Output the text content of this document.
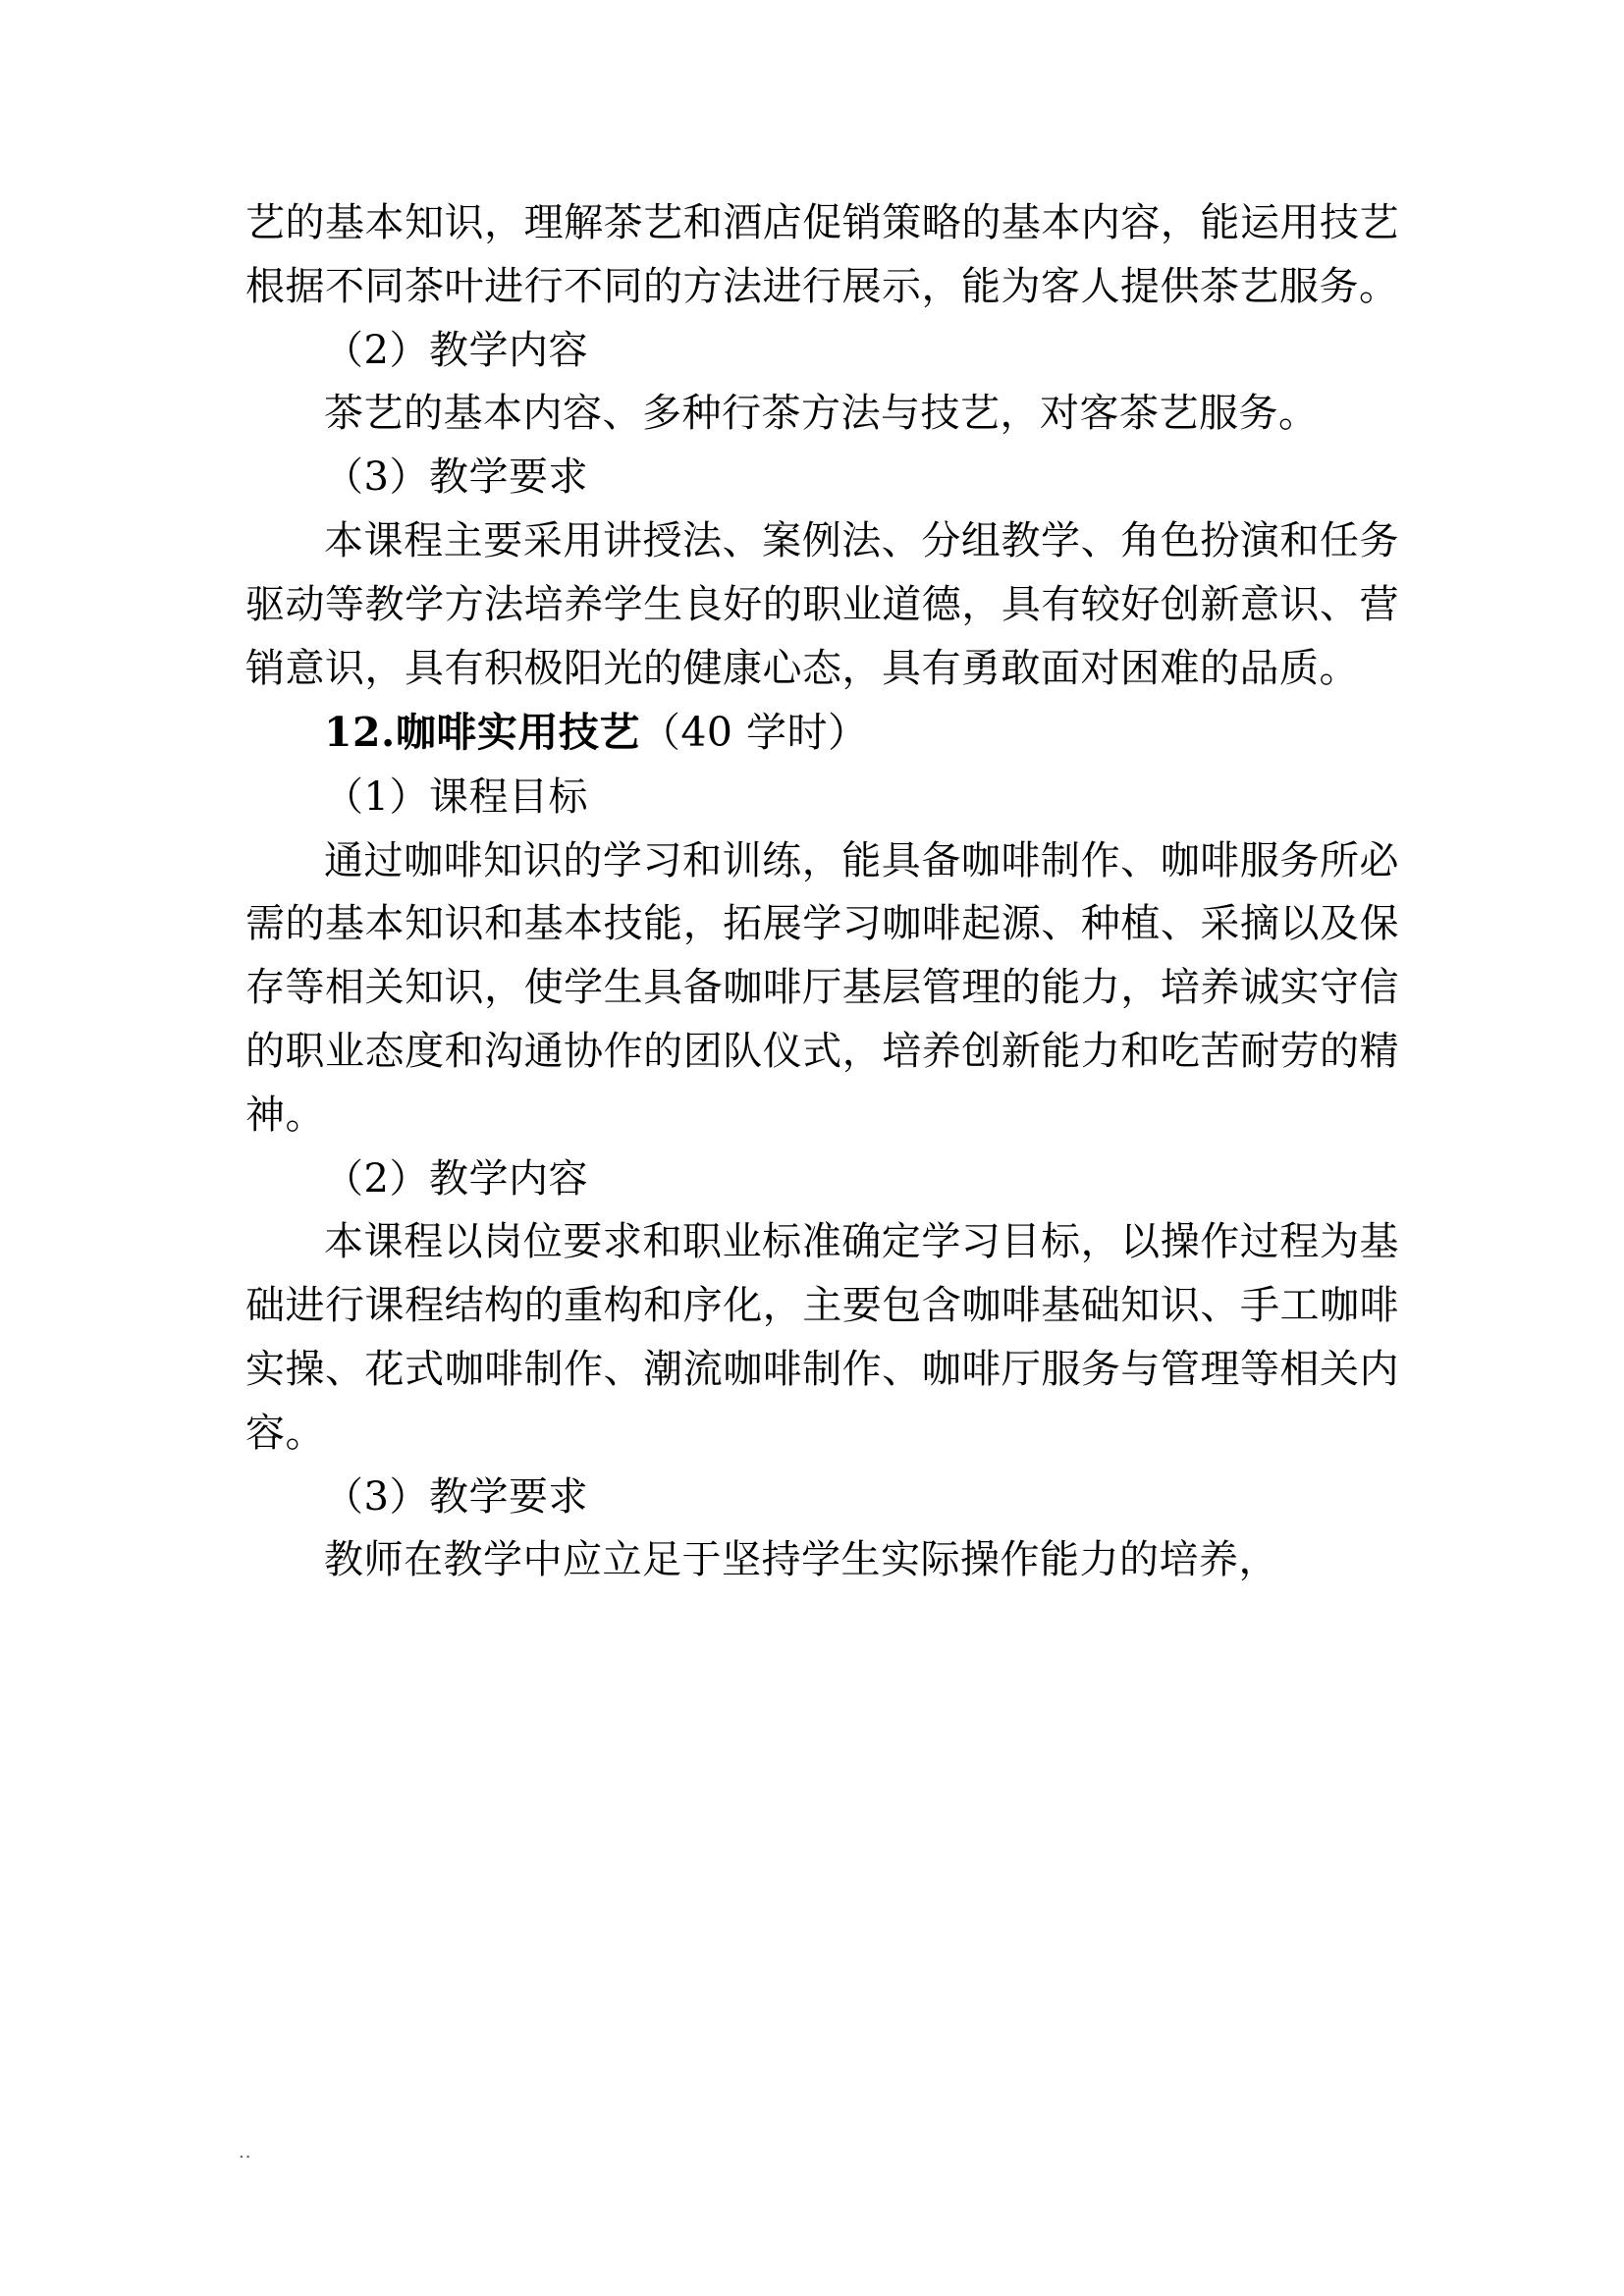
艺的基本知识，理解茶艺和酒店促销策略的基本内容，能运用技艺根据不同茶叶进行不同的方法进行展示，能为客人提供茶艺服务。

（2）教学内容

茶艺的基本内容、多种行茶方法与技艺，对客茶艺服务。

（3）教学要求

本课程主要采用讲授法、案例法、分组教学、角色扮演和任务驱动等教学方法培养学生良好的职业道德，具有较好创新意识、营销意识，具有积极阳光的健康心态，具有勇敢面对困难的品质。

12.咖啡实用技艺（40 学时）

（1）课程目标

通过咖啡知识的学习和训练，能具备咖啡制作、咖啡服务所必需的基本知识和基本技能，拓展学习咖啡起源、种植、采摘以及保存等相关知识，使学生具备咖啡厅基层管理的能力，培养诚实守信的职业态度和沟通协作的团队仪式，培养创新能力和吃苦耐劳的精神。

（2）教学内容

本课程以岗位要求和职业标准确定学习目标，以操作过程为基础进行课程结构的重构和序化，主要包含咖啡基础知识、手工咖啡实操、花式咖啡制作、潮流咖啡制作、咖啡厅服务与管理等相关内容。

（3）教学要求

教师在教学中应立足于坚持学生实际操作能力的培养，

..
